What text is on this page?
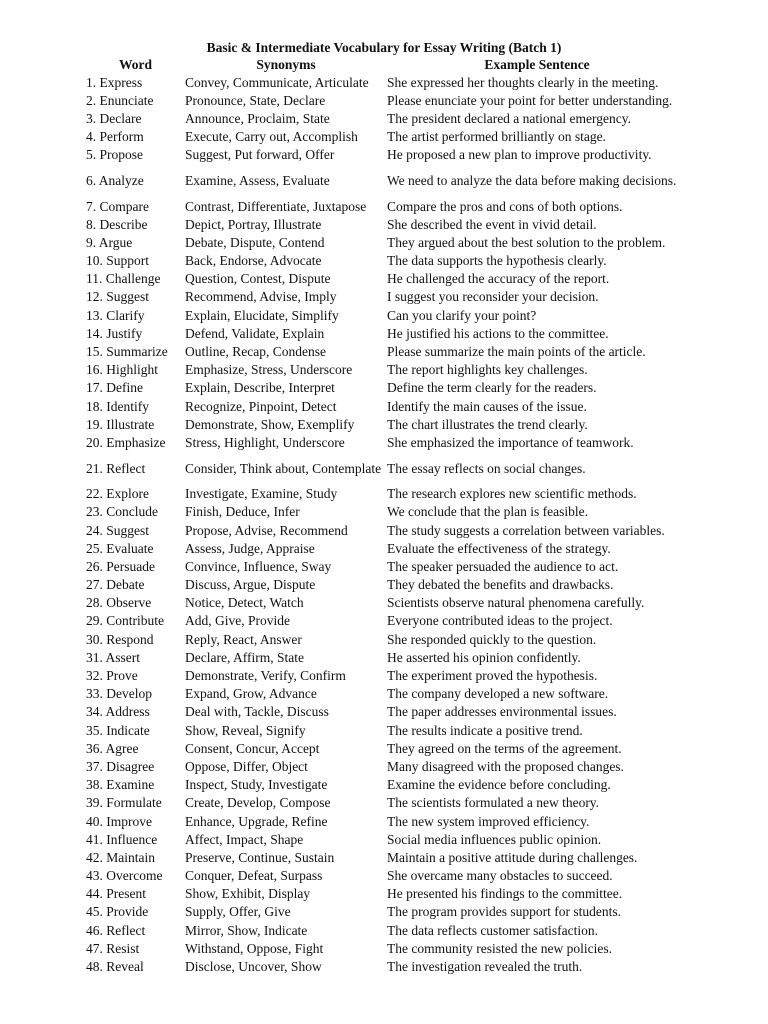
Basic & Intermediate Vocabulary for Essay Writing (Batch 1)
Word	Synonyms	Example Sentence
1. Express	Convey, Communicate, Articulate	She expressed her thoughts clearly in the meeting.
2. Enunciate	Pronounce, State, Declare	Please enunciate your point for better understanding.
3. Declare	Announce, Proclaim, State	The president declared a national emergency.
4. Perform	Execute, Carry out, Accomplish	The artist performed brilliantly on stage.
5. Propose	Suggest, Put forward, Offer	He proposed a new plan to improve productivity.
6. Analyze	Examine, Assess, Evaluate	We need to analyze the data before making decisions.
7. Compare	Contrast, Differentiate, Juxtapose	Compare the pros and cons of both options.
8. Describe	Depict, Portray, Illustrate	She described the event in vivid detail.
9. Argue	Debate, Dispute, Contend	They argued about the best solution to the problem.
10. Support	Back, Endorse, Advocate	The data supports the hypothesis clearly.
11. Challenge	Question, Contest, Dispute	He challenged the accuracy of the report.
12. Suggest	Recommend, Advise, Imply	I suggest you reconsider your decision.
13. Clarify	Explain, Elucidate, Simplify	Can you clarify your point?
14. Justify	Defend, Validate, Explain	He justified his actions to the committee.
15. Summarize	Outline, Recap, Condense	Please summarize the main points of the article.
16. Highlight	Emphasize, Stress, Underscore	The report highlights key challenges.
17. Define	Explain, Describe, Interpret	Define the term clearly for the readers.
18. Identify	Recognize, Pinpoint, Detect	Identify the main causes of the issue.
19. Illustrate	Demonstrate, Show, Exemplify	The chart illustrates the trend clearly.
20. Emphasize	Stress, Highlight, Underscore	She emphasized the importance of teamwork.
21. Reflect	Consider, Think about, Contemplate	The essay reflects on social changes.
22. Explore	Investigate, Examine, Study	The research explores new scientific methods.
23. Conclude	Finish, Deduce, Infer	We conclude that the plan is feasible.
24. Suggest	Propose, Advise, Recommend	The study suggests a correlation between variables.
25. Evaluate	Assess, Judge, Appraise	Evaluate the effectiveness of the strategy.
26. Persuade	Convince, Influence, Sway	The speaker persuaded the audience to act.
27. Debate	Discuss, Argue, Dispute	They debated the benefits and drawbacks.
28. Observe	Notice, Detect, Watch	Scientists observe natural phenomena carefully.
29. Contribute	Add, Give, Provide	Everyone contributed ideas to the project.
30. Respond	Reply, React, Answer	She responded quickly to the question.
31. Assert	Declare, Affirm, State	He asserted his opinion confidently.
32. Prove	Demonstrate, Verify, Confirm	The experiment proved the hypothesis.
33. Develop	Expand, Grow, Advance	The company developed a new software.
34. Address	Deal with, Tackle, Discuss	The paper addresses environmental issues.
35. Indicate	Show, Reveal, Signify	The results indicate a positive trend.
36. Agree	Consent, Concur, Accept	They agreed on the terms of the agreement.
37. Disagree	Oppose, Differ, Object	Many disagreed with the proposed changes.
38. Examine	Inspect, Study, Investigate	Examine the evidence before concluding.
39. Formulate	Create, Develop, Compose	The scientists formulated a new theory.
40. Improve	Enhance, Upgrade, Refine	The new system improved efficiency.
41. Influence	Affect, Impact, Shape	Social media influences public opinion.
42. Maintain	Preserve, Continue, Sustain	Maintain a positive attitude during challenges.
43. Overcome	Conquer, Defeat, Surpass	She overcame many obstacles to succeed.
44. Present	Show, Exhibit, Display	He presented his findings to the committee.
45. Provide	Supply, Offer, Give	The program provides support for students.
46. Reflect	Mirror, Show, Indicate	The data reflects customer satisfaction.
47. Resist	Withstand, Oppose, Fight	The community resisted the new policies.
48. Reveal	Disclose, Uncover, Show	The investigation revealed the truth.
